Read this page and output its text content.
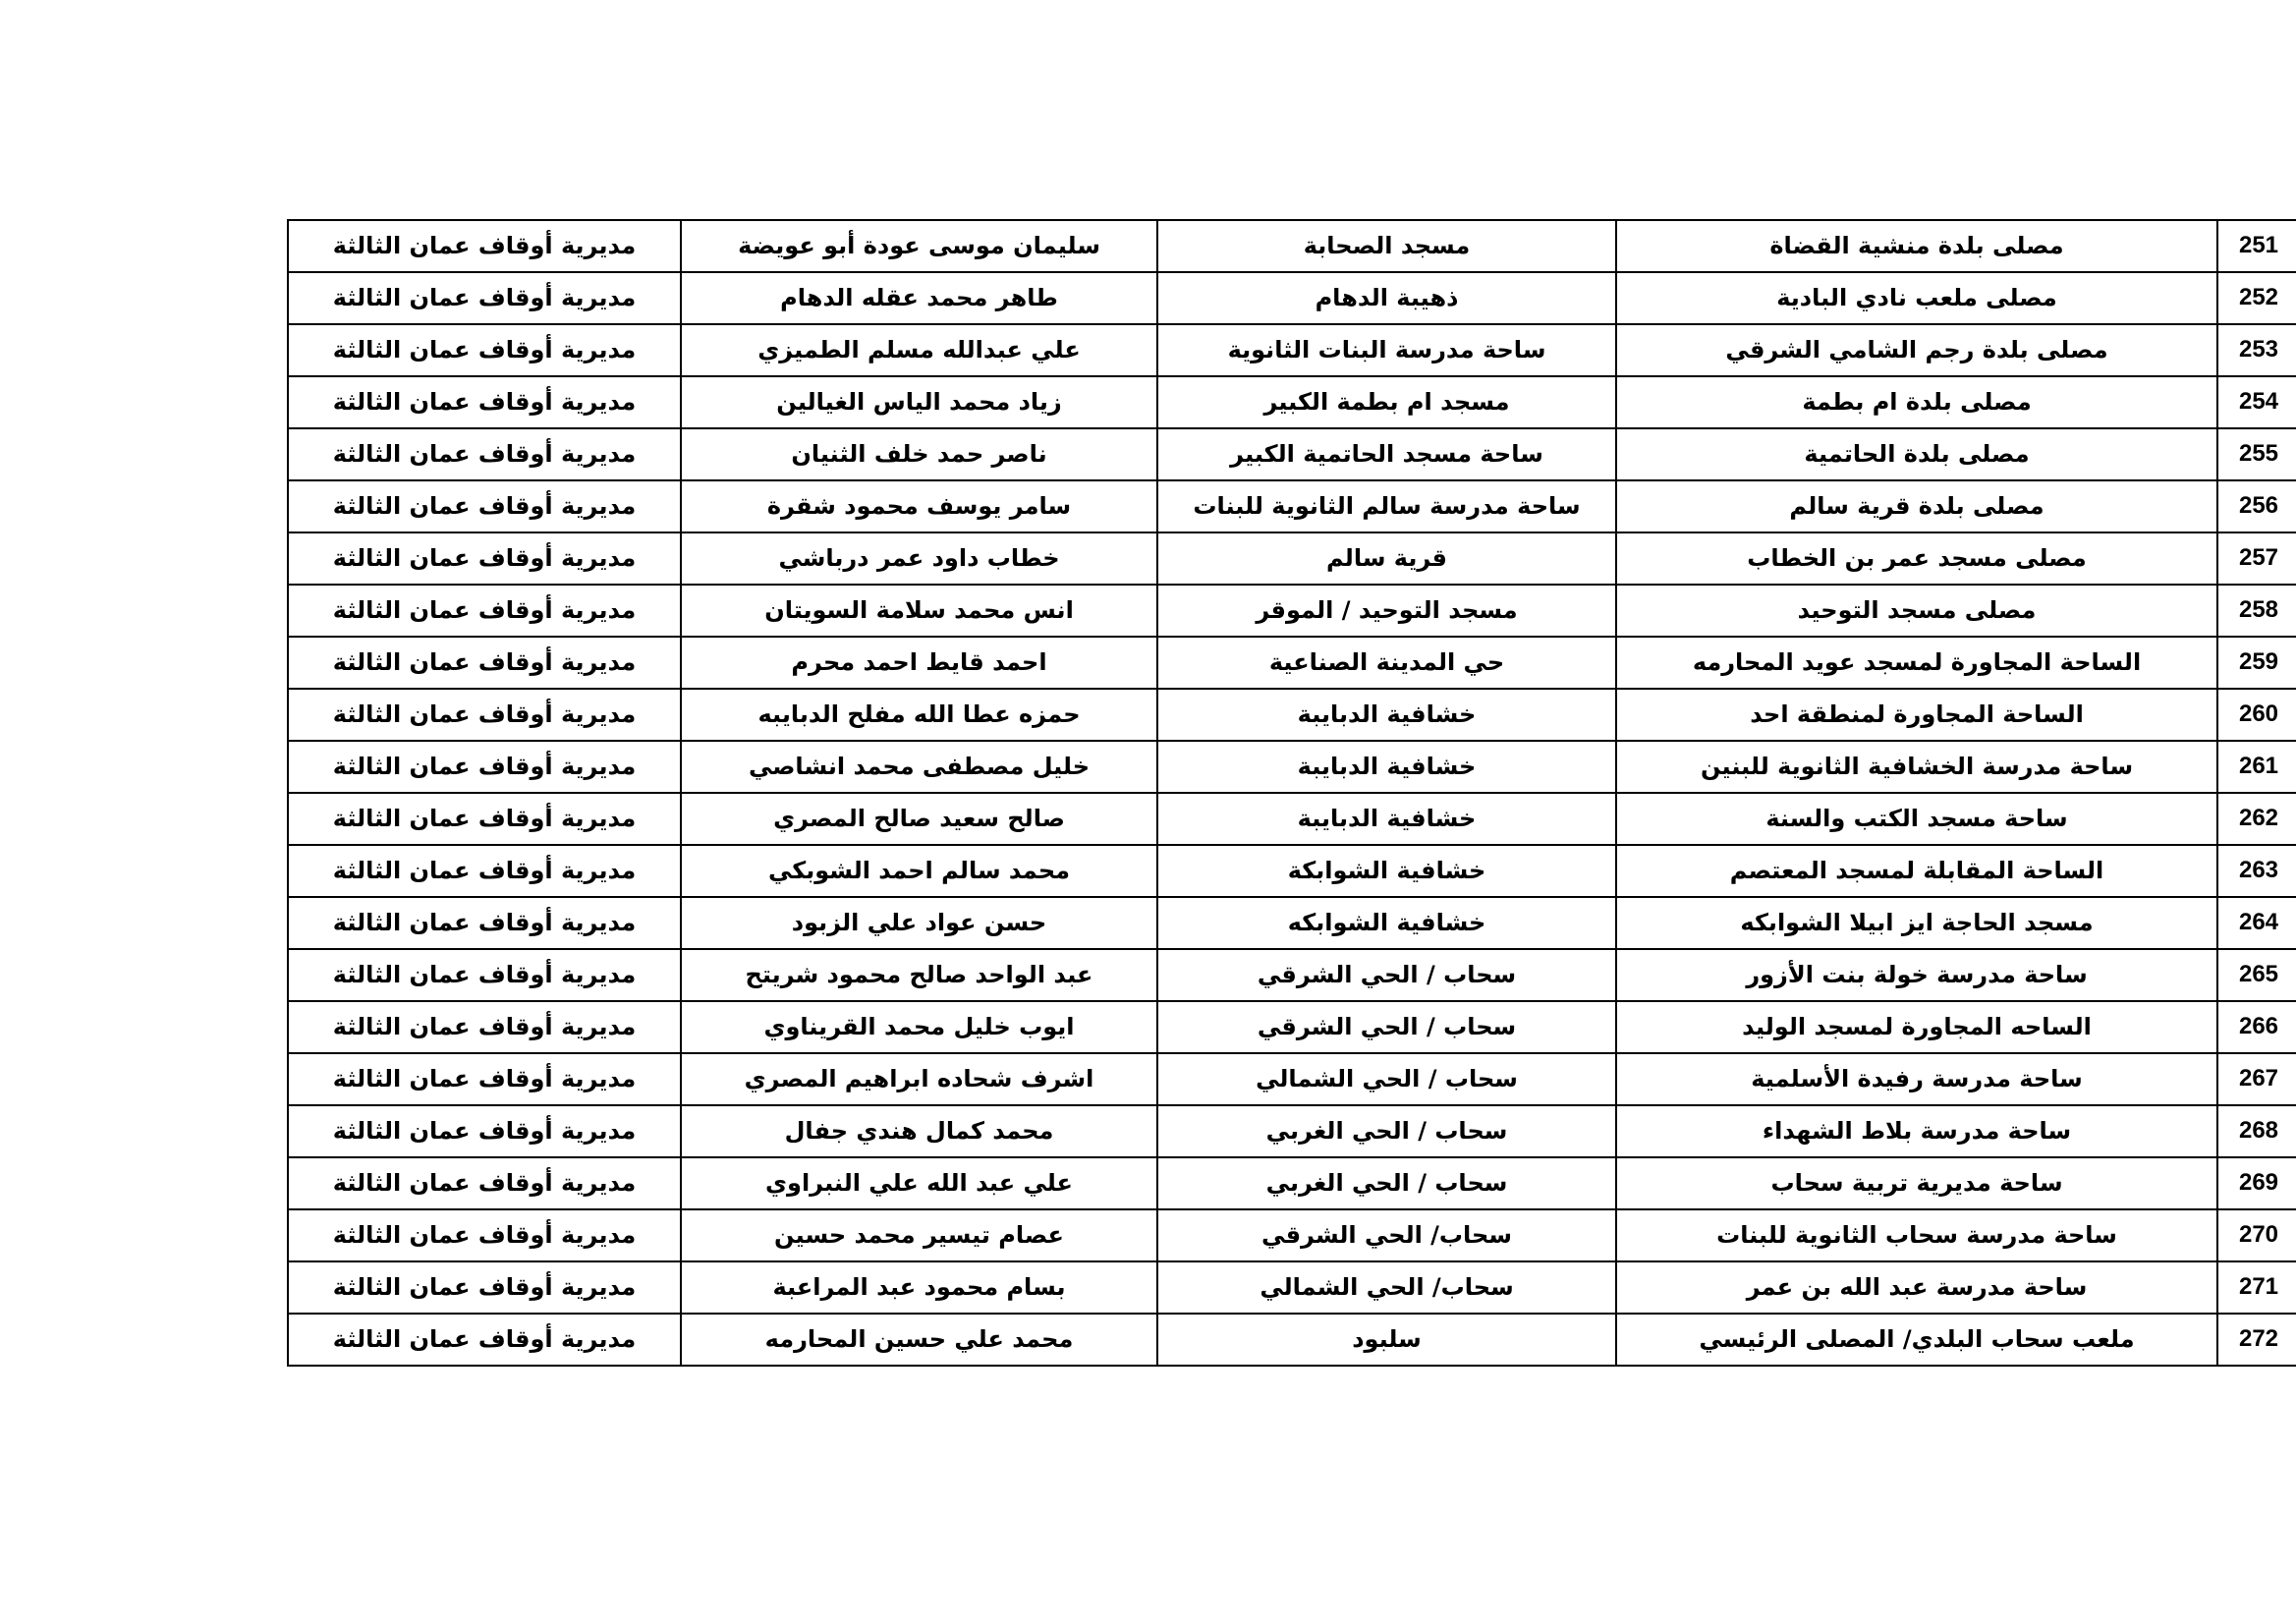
251	مصلى بلدة منشية القضاة	مسجد الصحابة	سليمان موسى عودة أبو عويضة	مديرية أوقاف عمان الثالثة
252	مصلى ملعب نادي البادية	ذهيبة الدهام	طاهر محمد عقله الدهام	مديرية أوقاف عمان الثالثة
253	مصلى بلدة رجم الشامي الشرقي	ساحة مدرسة البنات الثانوية	علي عبدالله مسلم الطميزي	مديرية أوقاف عمان الثالثة
254	مصلى بلدة ام بطمة	مسجد ام بطمة الكبير	زياد محمد الياس الغيالين	مديرية أوقاف عمان الثالثة
255	مصلى بلدة الحاتمية	ساحة مسجد الحاتمية الكبير	ناصر حمد خلف الثنيان	مديرية أوقاف عمان الثالثة
256	مصلى بلدة قرية سالم	ساحة مدرسة سالم الثانوية للبنات	سامر يوسف محمود شقرة	مديرية أوقاف عمان الثالثة
257	مصلى مسجد عمر بن الخطاب	قرية سالم	خطاب داود عمر درباشي	مديرية أوقاف عمان الثالثة
258	مصلى مسجد التوحيد	مسجد التوحيد / الموقر	انس محمد سلامة السويتان	مديرية أوقاف عمان الثالثة
259	الساحة المجاورة لمسجد عويد المحارمه	حي المدينة الصناعية	احمد قايط احمد محرم	مديرية أوقاف عمان الثالثة
260	الساحة المجاورة لمنطقة احد	خشافية الدبايبة	حمزه عطا الله مفلح الدبايبه	مديرية أوقاف عمان الثالثة
261	ساحة مدرسة الخشافية الثانوية للبنين	خشافية الدبايبة	خليل مصطفى محمد انشاصي	مديرية أوقاف عمان الثالثة
262	ساحة مسجد الكتب والسنة	خشافية الدبايبة	صالح سعيد صالح المصري	مديرية أوقاف عمان الثالثة
263	الساحة المقابلة لمسجد المعتصم	خشافية الشوابكة	محمد سالم احمد الشوبكي	مديرية أوقاف عمان الثالثة
264	مسجد الحاجة ايز ابيلا الشوابكه	خشافية الشوابكه	حسن عواد علي الزبود	مديرية أوقاف عمان الثالثة
265	ساحة مدرسة خولة بنت الأزور	سحاب / الحي الشرقي	عبد الواحد صالح محمود شريتح	مديرية أوقاف عمان الثالثة
266	الساحه المجاورة لمسجد الوليد	سحاب / الحي الشرقي	ايوب خليل محمد القريناوي	مديرية أوقاف عمان الثالثة
267	ساحة مدرسة رفيدة الأسلمية	سحاب / الحي الشمالي	اشرف شحاده ابراهيم المصري	مديرية أوقاف عمان الثالثة
268	ساحة مدرسة بلاط الشهداء	سحاب / الحي الغربي	محمد كمال هندي جفال	مديرية أوقاف عمان الثالثة
269	ساحة مديرية تربية سحاب	سحاب / الحي الغربي	علي عبد الله علي النبراوي	مديرية أوقاف عمان الثالثة
270	ساحة مدرسة سحاب الثانوية للبنات	سحاب/ الحي الشرقي	عصام تيسير محمد حسين	مديرية أوقاف عمان الثالثة
271	ساحة مدرسة عبد الله بن عمر	سحاب/ الحي الشمالي	بسام محمود عبد المراعبة	مديرية أوقاف عمان الثالثة
272	ملعب سحاب البلدي/ المصلى الرئيسي	سلبود	محمد علي حسين المحارمه	مديرية أوقاف عمان الثالثة
